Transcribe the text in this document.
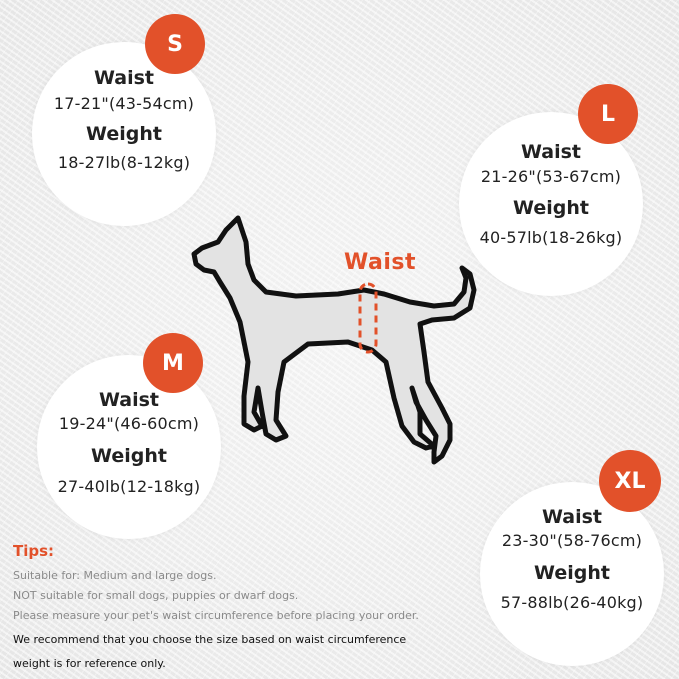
Waist
17-21"(43-54cm)
Weight
18-27lb(8-12kg)
S
Waist
21-26"(53-67cm)
Weight
40-57lb(18-26kg)
L
Waist
19-24"(46-60cm)
Weight
27-40lb(12-18kg)
M
Waist
23-30"(58-76cm)
Weight
57-88lb(26-40kg)
XL
Waist
Tips:
Suitable for: Medium and large dogs.
NOT suitable for small dogs, puppies or dwarf dogs.
Please measure your pet's waist circumference before placing your order.
We recommend that you choose the size based on waist circumference
weight is for reference only.
